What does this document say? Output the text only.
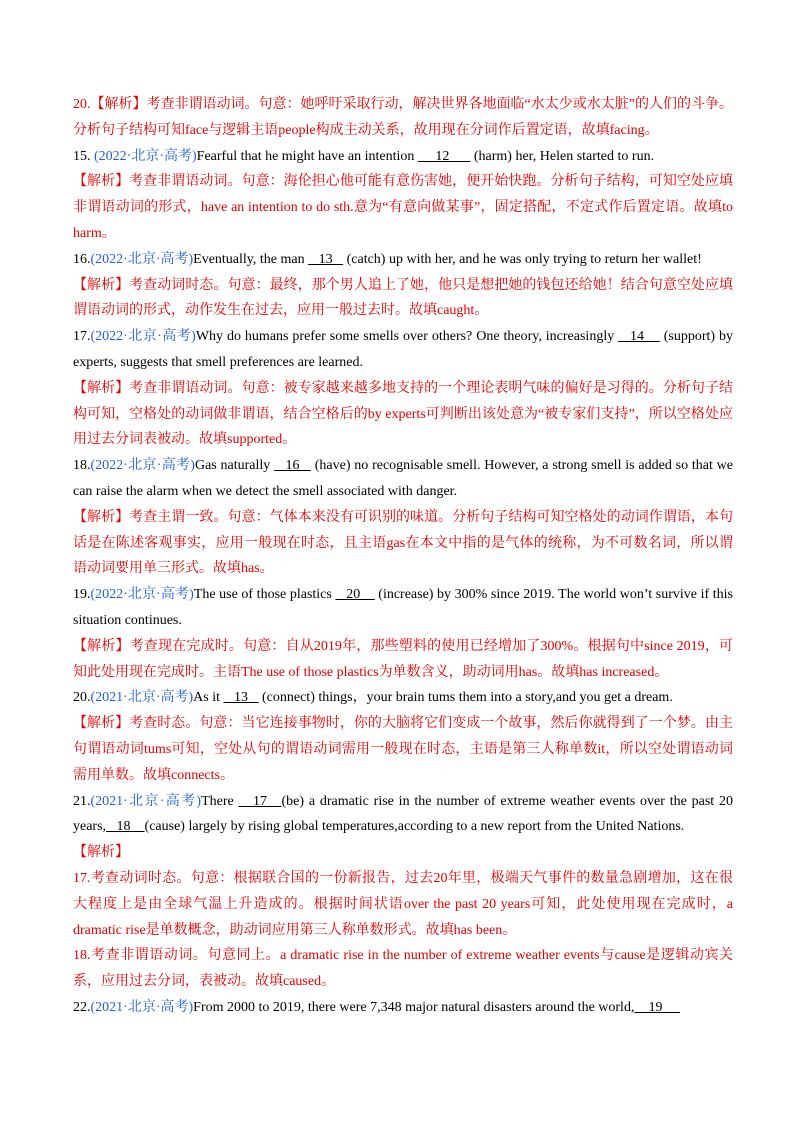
20.【解析】考查非谓语动词。句意：她呼吁采取行动，解决世界各地面临“水太少或水太脏”的人们的斗争。分析句子结构可知face与逻辑主语people构成主动关系，故用现在分词作后置定语，故填facing。

15. (2022·北京·高考)Fearful that he might have an intention      12       (harm) her, Helen started to run.

【解析】考查非谓语动词。句意：海伦担心他可能有意伤害她，便开始快跑。分析句子结构，可知空处应填非谓语动词的形式，have an intention to do sth.意为“有意向做某事”，固定搭配，不定式作后置定语。故填to harm。

16.(2022·北京·高考)Eventually, the man    13    (catch) up with her, and he was only trying to return her wallet!

【解析】考查动词时态。句意：最终，那个男人追上了她，他只是想把她的钱包还给她！结合句意空处应填谓语动词的形式，动作发生在过去，应用一般过去时。故填caught。

17.(2022·北京·高考)Why do humans prefer some smells over others? One theory, increasingly    14     (support) by experts, suggests that smell preferences are learned.

【解析】考查非谓语动词。句意：被专家越来越多地支持的一个理论表明气味的偏好是习得的。分析句子结构可知，空格处的动词做非谓语，结合空格后的by experts可判断出该处意为“被专家们支持”，所以空格处应用过去分词表被动。故填supported。

18.(2022·北京·高考)Gas naturally    16    (have) no recognisable smell. However, a strong smell is added so that we can raise the alarm when we detect the smell associated with danger.

【解析】考查主谓一致。句意：气体本来没有可识别的味道。分析句子结构可知空格处的动词作谓语，本句话是在陈述客观事实，应用一般现在时态，且主语gas在本文中指的是气体的统称，为不可数名词，所以谓语动词要用单三形式。故填has。

19.(2022·北京·高考)The use of those plastics    20     (increase) by 300% since 2019. The world won’t survive if this situation continues.

【解析】考查现在完成时。句意：自从2019年，那些塑料的使用已经增加了300%。根据句中since 2019，可知此处用现在完成时。主语The use of those plastics为单数含义，助动词用has。故填has increased。

20.(2021·北京·高考)As it    13    (connect) things，your brain tums them into a story,and you get a dream.

【解析】考查时态。句意：当它连接事物时，你的大脑将它们变成一个故事，然后你就得到了一个梦。由主句谓语动词tums可知，空处从句的谓语动词需用一般现在时态，主语是第三人称单数it，所以空处谓语动词需用单数。故填connects。

21.(2021·北京·高考)There    17   (be) a dramatic rise in the number of extreme weather events over the past 20 years,   18    (cause) largely by rising global temperatures,according to a new report from the United Nations.

【解析】

17.考查动词时态。句意：根据联合国的一份新报告，过去20年里，极端天气事件的数量急剧增加，这在很大程度上是由全球气温上升造成的。根据时间状语over the past 20 years可知，此处使用现在完成时，a dramatic rise是单数概念，助动词应用第三人称单数形式。故填has been。

18.考查非谓语动词。句意同上。a dramatic rise in the number of extreme weather events与cause是逻辑动宾关系，应用过去分词，表被动。故填caused。

22.(2021·北京·高考)From 2000 to 2019, there were 7,348 major natural disasters around the world,    19
